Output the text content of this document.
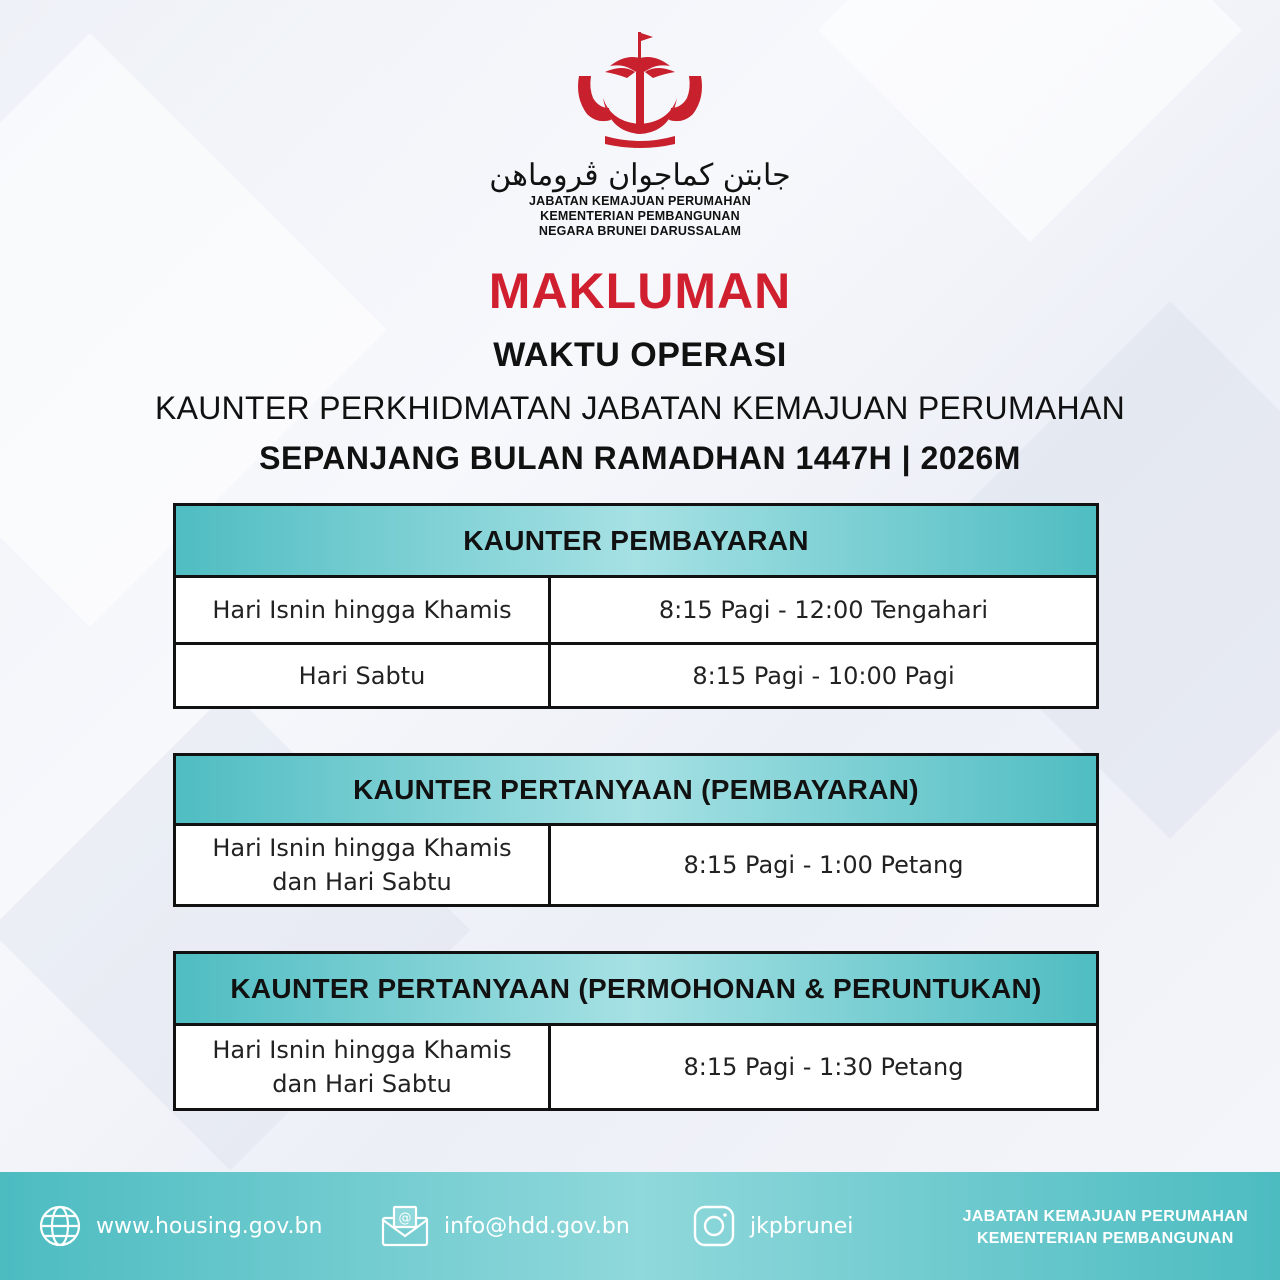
جابتن كماجوان ڤروماهن
JABATAN KEMAJUAN PERUMAHAN
KEMENTERIAN PEMBANGUNAN
NEGARA BRUNEI DARUSSALAM
MAKLUMAN
WAKTU OPERASI
KAUNTER PERKHIDMATAN JABATAN KEMAJUAN PERUMAHAN
SEPANJANG BULAN RAMADHAN 1447H | 2026M
KAUNTER PEMBAYARAN
Hari Isnin hingga Khamis	8:15 Pagi - 12:00 Tengahari
Hari Sabtu	8:15 Pagi - 10:00 Pagi
KAUNTER PERTANYAAN (PEMBAYARAN)
Hari Isnin hingga Khamis
dan Hari Sabtu
8:15 Pagi - 1:00 Petang
KAUNTER PERTANYAAN (PERMOHONAN & PERUNTUKAN)
Hari Isnin hingga Khamis
dan Hari Sabtu
8:15 Pagi - 1:30 Petang
www.housing.gov.bn	@ info@hdd.gov.bn	jkpbrunei	JABATAN KEMAJUAN PERUMAHAN
KEMENTERIAN PEMBANGUNAN
